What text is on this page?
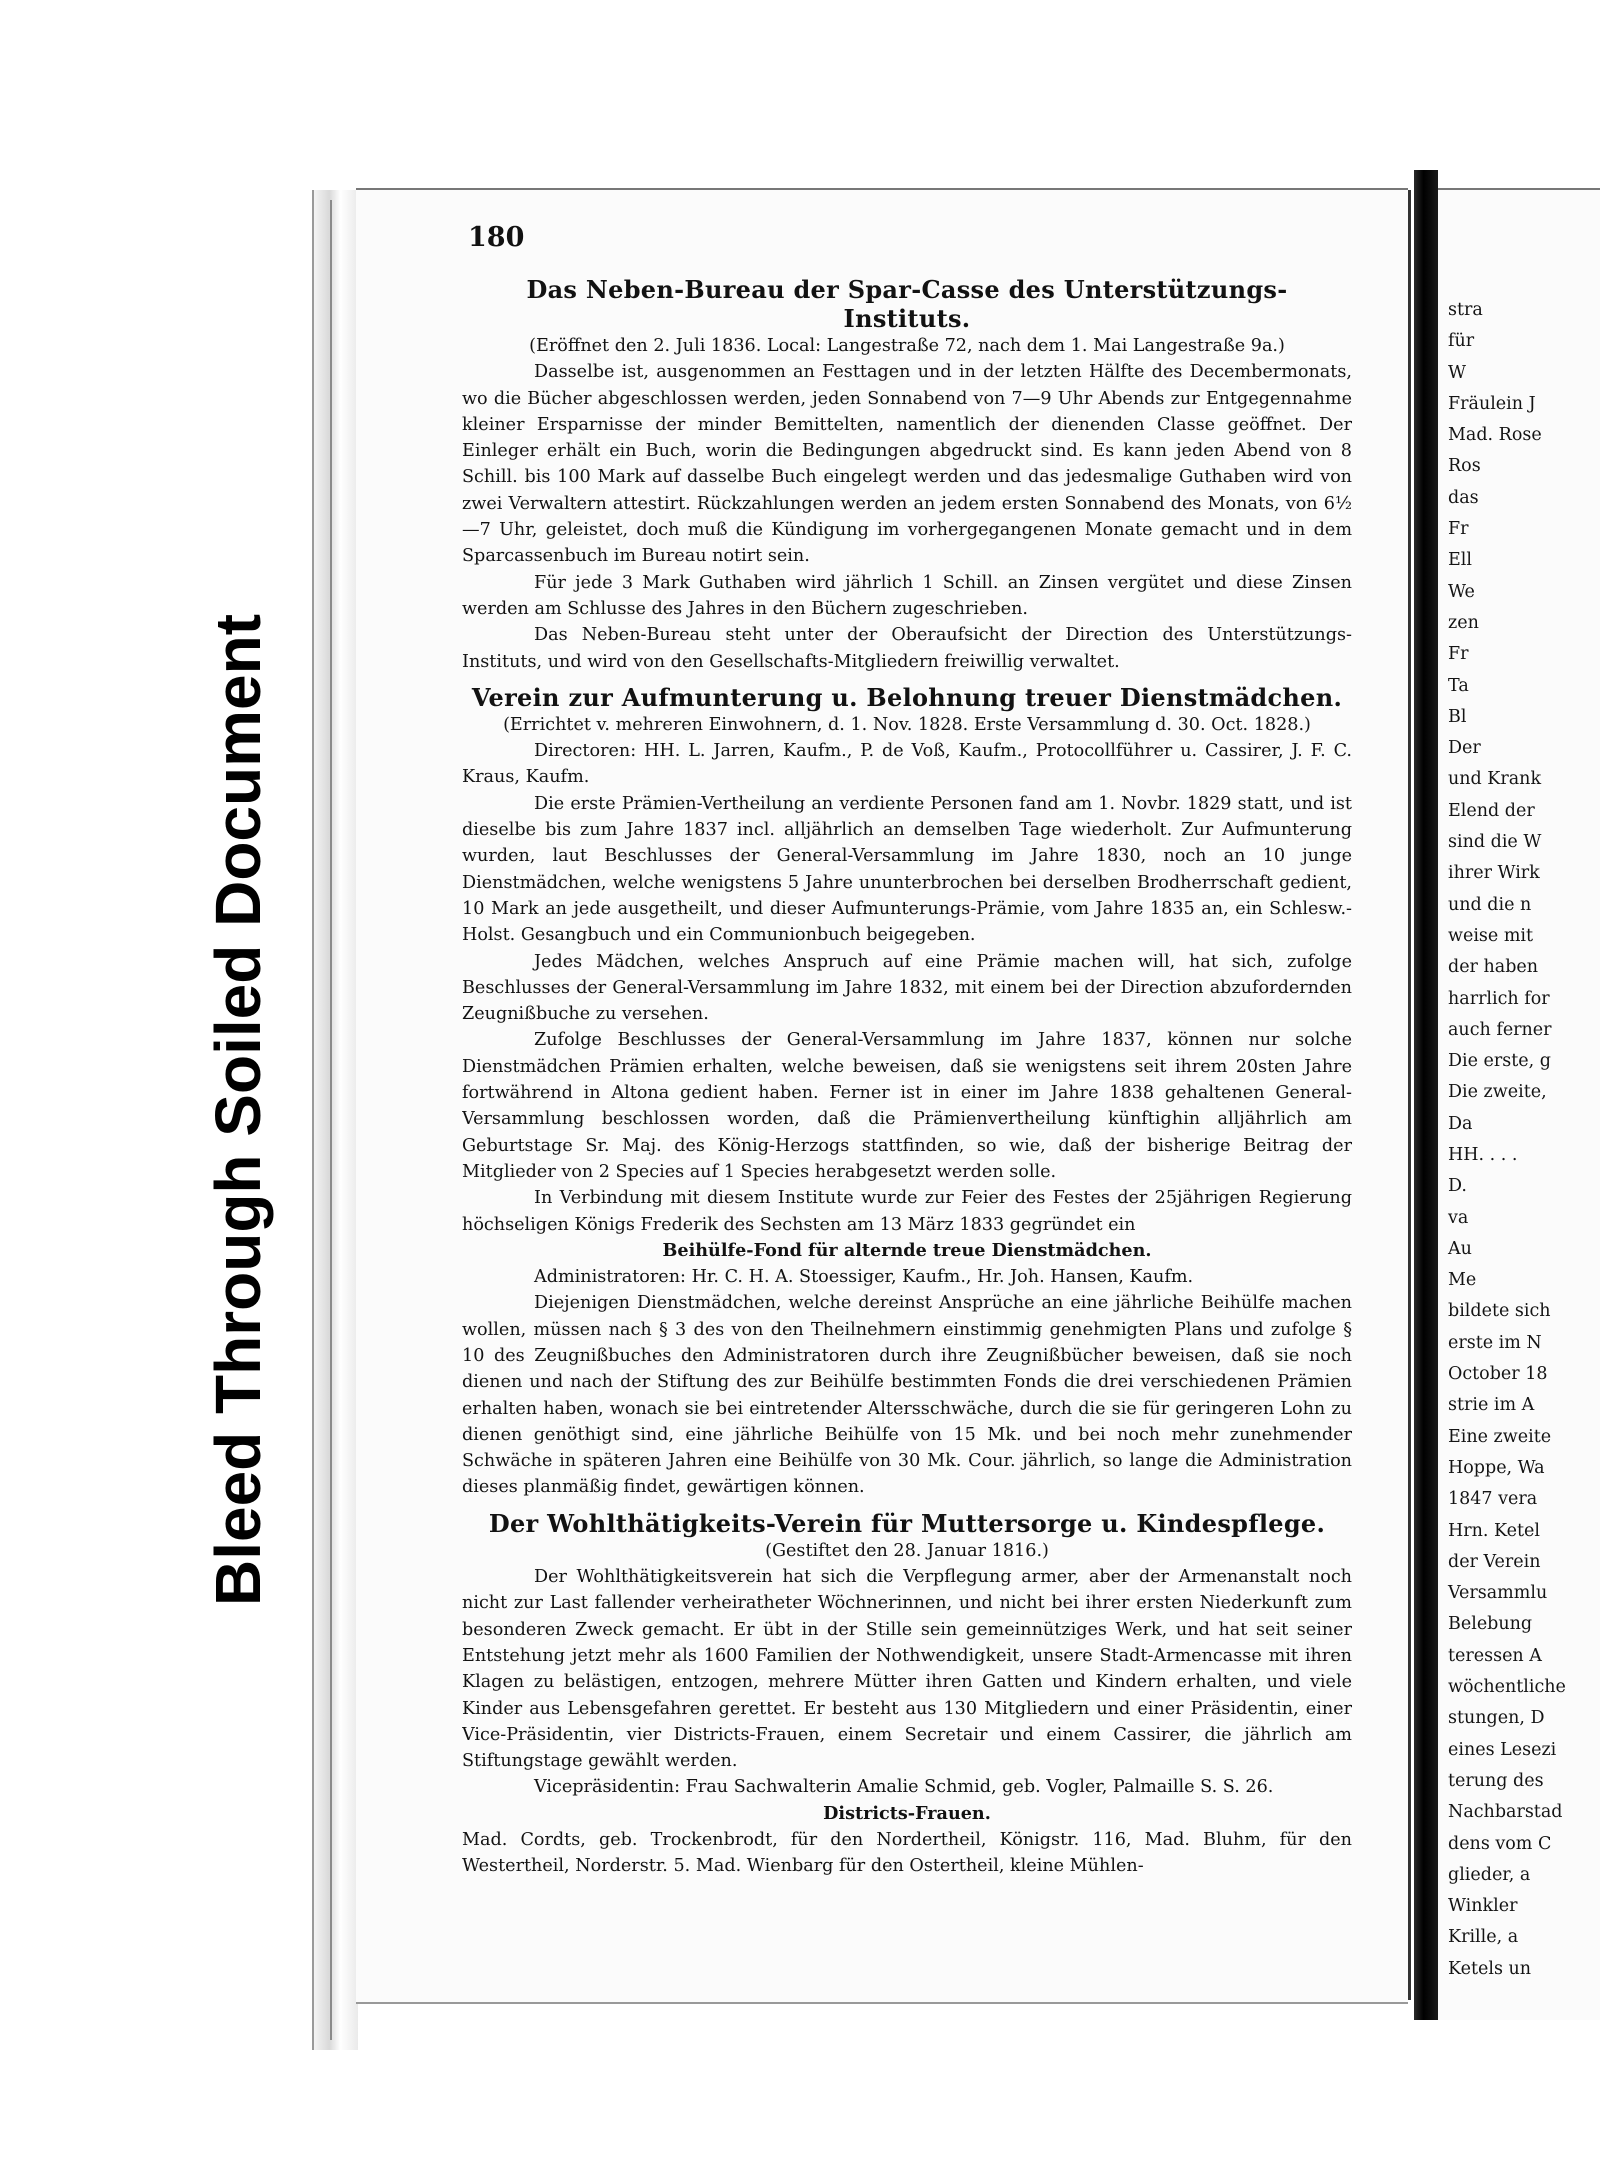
Bleed Through Soiled Document
180

Das Neben-Bureau der Spar-Casse des Unterstützungs-

Instituts.

(Eröffnet den 2. Juli 1836. Local: Langestraße 72, nach dem 1. Mai Langestraße 9a.)

Dasselbe ist, ausgenommen an Festtagen und in der letzten Hälfte des Decembermonats, wo die Bücher abgeschlossen werden, jeden Sonnabend von 7—9 Uhr Abends zur Entgegennahme kleiner Ersparnisse der minder Bemittelten, namentlich der dienenden Classe geöffnet. Der Einleger erhält ein Buch, worin die Bedingungen abgedruckt sind. Es kann jeden Abend von 8 Schill. bis 100 Mark auf dasselbe Buch eingelegt werden und das jedesmalige Guthaben wird von zwei Verwaltern attestirt. Rückzahlungen werden an jedem ersten Sonnabend des Monats, von 6½—7 Uhr, geleistet, doch muß die Kündigung im vorhergegangenen Monate gemacht und in dem Sparcassenbuch im Bureau notirt sein.

Für jede 3 Mark Guthaben wird jährlich 1 Schill. an Zinsen vergütet und diese Zinsen werden am Schlusse des Jahres in den Büchern zugeschrieben.

Das Neben-Bureau steht unter der Oberaufsicht der Direction des Unterstützungs-Instituts, und wird von den Gesellschafts-Mitgliedern freiwillig verwaltet.

Verein zur Aufmunterung u. Belohnung treuer Dienstmädchen.

(Errichtet v. mehreren Einwohnern, d. 1. Nov. 1828. Erste Versammlung d. 30. Oct. 1828.)

Directoren: HH. L. Jarren, Kaufm., P. de Voß, Kaufm., Protocollführer u. Cassirer, J. F. C. Kraus, Kaufm.

Die erste Prämien-Vertheilung an verdiente Personen fand am 1. Novbr. 1829 statt, und ist dieselbe bis zum Jahre 1837 incl. alljährlich an demselben Tage wiederholt. Zur Aufmunterung wurden, laut Beschlusses der General-Versammlung im Jahre 1830, noch an 10 junge Dienstmädchen, welche wenigstens 5 Jahre ununterbrochen bei derselben Brodherrschaft gedient, 10 Mark an jede ausgetheilt, und dieser Aufmunterungs-Prämie, vom Jahre 1835 an, ein Schlesw.-Holst. Gesangbuch und ein Communionbuch beigegeben.

Jedes Mädchen, welches Anspruch auf eine Prämie machen will, hat sich, zufolge Beschlusses der General-Versammlung im Jahre 1832, mit einem bei der Direction abzufordernden Zeugnißbuche zu versehen.

Zufolge Beschlusses der General-Versammlung im Jahre 1837, können nur solche Dienstmädchen Prämien erhalten, welche beweisen, daß sie wenigstens seit ihrem 20sten Jahre fortwährend in Altona gedient haben. Ferner ist in einer im Jahre 1838 gehaltenen General-Versammlung beschlossen worden, daß die Prämienvertheilung künftighin alljährlich am Geburtstage Sr. Maj. des König-Herzogs stattfinden, so wie, daß der bisherige Beitrag der Mitglieder von 2 Species auf 1 Species herabgesetzt werden solle.

In Verbindung mit diesem Institute wurde zur Feier des Festes der 25jährigen Regierung höchseligen Königs Frederik des Sechsten am 13 März 1833 gegründet ein

Beihülfe-Fond für alternde treue Dienstmädchen.

Administratoren: Hr. C. H. A. Stoessiger, Kaufm., Hr. Joh. Hansen, Kaufm.

Diejenigen Dienstmädchen, welche dereinst Ansprüche an eine jährliche Beihülfe machen wollen, müssen nach § 3 des von den Theilnehmern einstimmig genehmigten Plans und zufolge § 10 des Zeugnißbuches den Administratoren durch ihre Zeugnißbücher beweisen, daß sie noch dienen und nach der Stiftung des zur Beihülfe bestimmten Fonds die drei verschiedenen Prämien erhalten haben, wonach sie bei eintretender Altersschwäche, durch die sie für geringeren Lohn zu dienen genöthigt sind, eine jährliche Beihülfe von 15 Mk. und bei noch mehr zunehmender Schwäche in späteren Jahren eine Beihülfe von 30 Mk. Cour. jährlich, so lange die Administration dieses planmäßig findet, gewärtigen können.

Der Wohlthätigkeits-Verein für Muttersorge u. Kindespflege.

(Gestiftet den 28. Januar 1816.)

Der Wohlthätigkeitsverein hat sich die Verpflegung armer, aber der Armenanstalt noch nicht zur Last fallender verheiratheter Wöchnerinnen, und nicht bei ihrer ersten Niederkunft zum besonderen Zweck gemacht. Er übt in der Stille sein gemeinnütziges Werk, und hat seit seiner Entstehung jetzt mehr als 1600 Familien der Nothwendigkeit, unsere Stadt-Armencasse mit ihren Klagen zu belästigen, entzogen, mehrere Mütter ihren Gatten und Kindern erhalten, und viele Kinder aus Lebensgefahren gerettet. Er besteht aus 130 Mitgliedern und einer Präsidentin, einer Vice-Präsidentin, vier Districts-Frauen, einem Secretair und einem Cassirer, die jährlich am Stiftungstage gewählt werden.

Vicepräsidentin: Frau Sachwalterin Amalie Schmid, geb. Vogler, Palmaille S. S. 26.

Districts-Frauen.

Mad. Cordts, geb. Trockenbrodt, für den Nordertheil, Königstr. 116, Mad. Bluhm, für den Westertheil, Norderstr. 5. Mad. Wienbarg für den Ostertheil, kleine Mühlen-

stra
für
W
Fräulein J
Mad. Rose
Ros
das
Fr
Ell
We
zen
Fr
Ta
Bl
Der
und Krank
Elend der
sind die W
ihrer Wirk
und die n
weise mit
der haben
harrlich for
auch ferner
Die erste, g
Die zweite,
Da
HH. . . .
D.
va
Au
Me
bildete sich
erste im N
October 18
strie im A
Eine zweite
Hoppe, Wa
1847 vera
Hrn. Ketel
der Verein
Versammlu
Belebung
teressen A
wöchentliche
stungen, D
eines Lesezi
terung des
Nachbarstad
dens vom C
glieder, a
Winkler
Krille, a
Ketels un
